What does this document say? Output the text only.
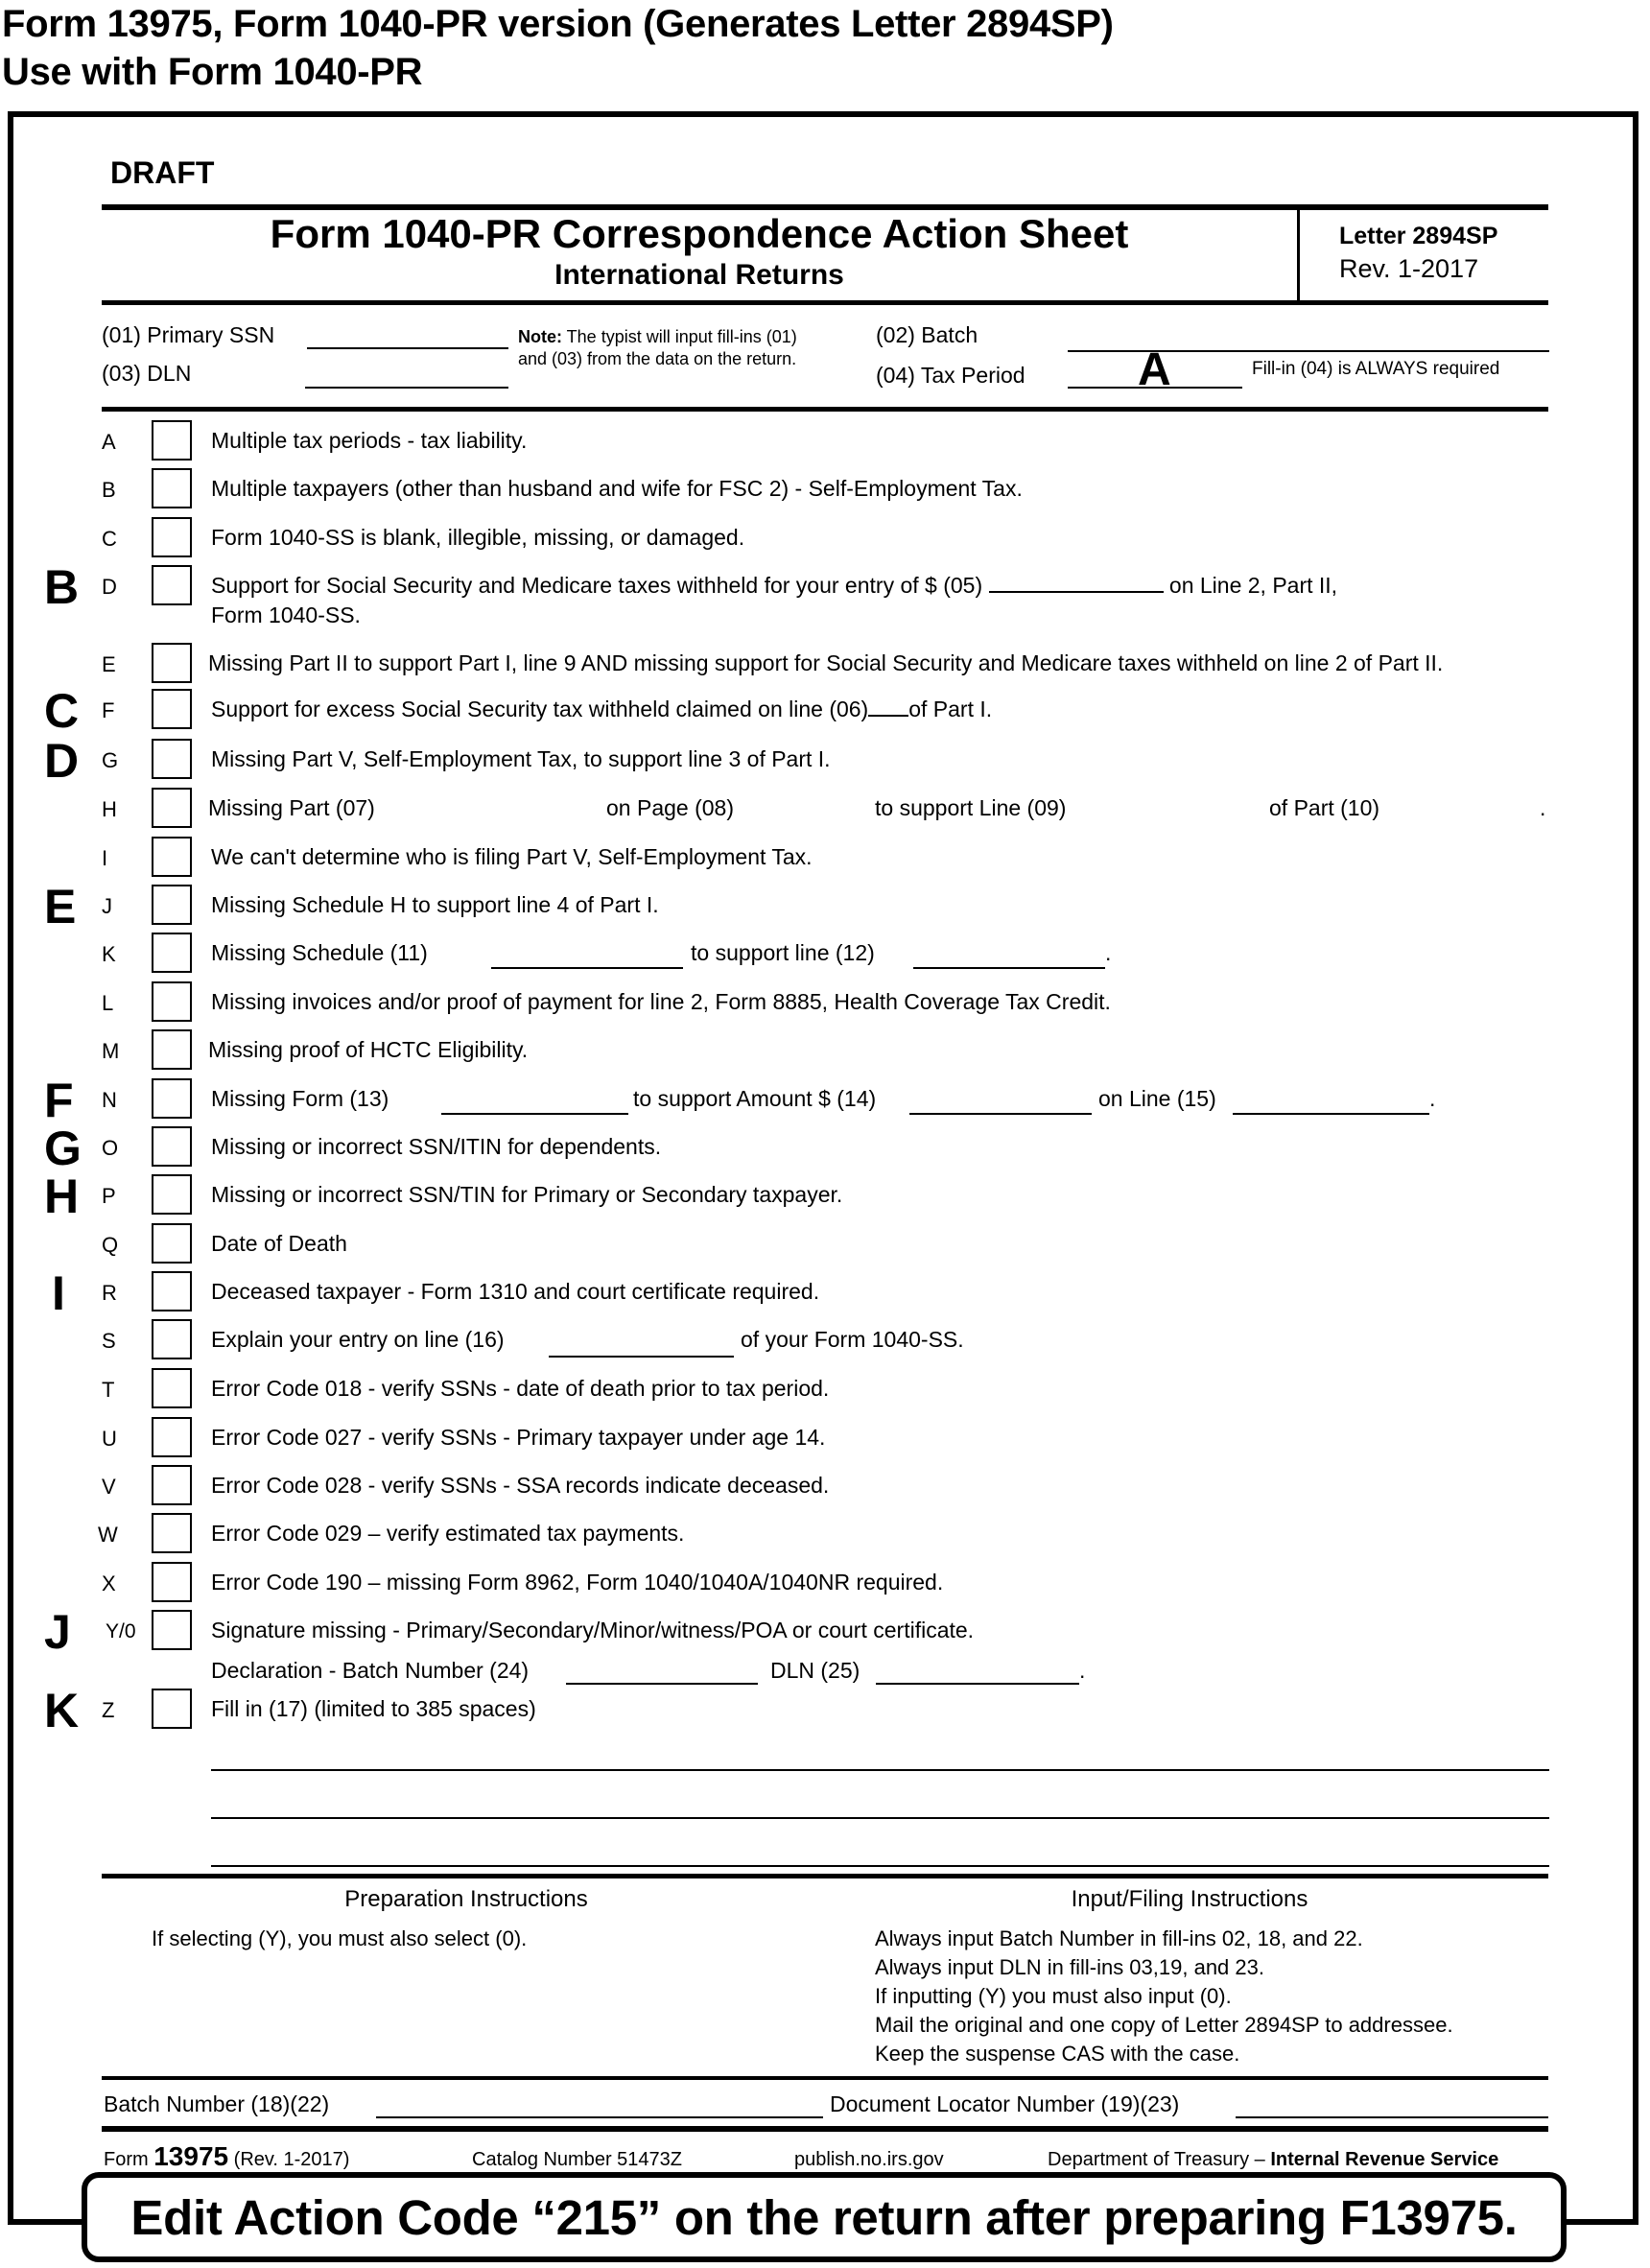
Form 13975, Form 1040-PR version (Generates Letter 2894SP)
Use with Form 1040-PR
DRAFT
Form 1040-PR Correspondence Action Sheet
International Returns
Letter 2894SP
Rev. 1-2017
(01) Primary SSN
(03) DLN
Note: The typist will input fill-ins (01)
and (03) from the data on the return.
(02) Batch
(04) Tax Period A	Fill-in (04) is ALWAYS required
A	Multiple tax periods - tax liability.
B	Multiple taxpayers (other than husband and wife for FSC 2) - Self-Employment Tax.
C	Form 1040-SS is blank, illegible, missing, or damaged.
B D	Support for Social Security and Medicare taxes withheld for your entry of $ (05)	on Line 2, Part II,
Form 1040-SS.
E	Missing Part II to support Part I, line 9 AND missing support for Social Security and Medicare taxes withheld on line 2 of Part II.
C F	Support for excess Social Security tax withheld claimed on line (06) of Part I.
D G	Missing Part V, Self-Employment Tax, to support line 3 of Part I.
H	Missing Part (07)	on Page (08)	to support Line (09)	of Part (10)	.
I	We can't determine who is filing Part V, Self-Employment Tax.
E J	Missing Schedule H to support line 4 of Part I.
K	Missing Schedule (11)	to support line (12)	.
L	Missing invoices and/or proof of payment for line 2, Form 8885, Health Coverage Tax Credit.
M	Missing proof of HCTC Eligibility.
F N	Missing Form (13)	to support Amount $ (14)	on Line (15)	.
G O	Missing or incorrect SSN/ITIN for dependents.
H P	Missing or incorrect SSN/TIN for Primary or Secondary taxpayer.
Q	Date of Death
I R	Deceased taxpayer - Form 1310 and court certificate required.
S	Explain your entry on line (16)	of your Form 1040-SS.
T	Error Code 018 - verify SSNs - date of death prior to tax period.
U	Error Code 027 - verify SSNs - Primary taxpayer under age 14.
V	Error Code 028 - verify SSNs - SSA records indicate deceased.
W	Error Code 029 – verify estimated tax payments.
X	Error Code 190 – missing Form 8962, Form 1040/1040A/1040NR required.
J Y/0	Signature missing - Primary/Secondary/Minor/witness/POA or court certificate.
Declaration - Batch Number (24)	DLN (25)	.
K Z	Fill in (17) (limited to 385 spaces)
Preparation Instructions
If selecting (Y), you must also select (0).
Input/Filing Instructions
Always input Batch Number in fill-ins 02, 18, and 22.
Always input DLN in fill-ins 03,19, and 23.
If inputting (Y) you must also input (0).
Mail the original and one copy of Letter 2894SP to addressee.
Keep the suspense CAS with the case.
Batch Number (18)(22)	Document Locator Number (19)(23)
Form 13975 (Rev. 1-2017)	Catalog Number 51473Z	publish.no.irs.gov	Department of Treasury – Internal Revenue Service
Edit Action Code “215” on the return after preparing F13975.
